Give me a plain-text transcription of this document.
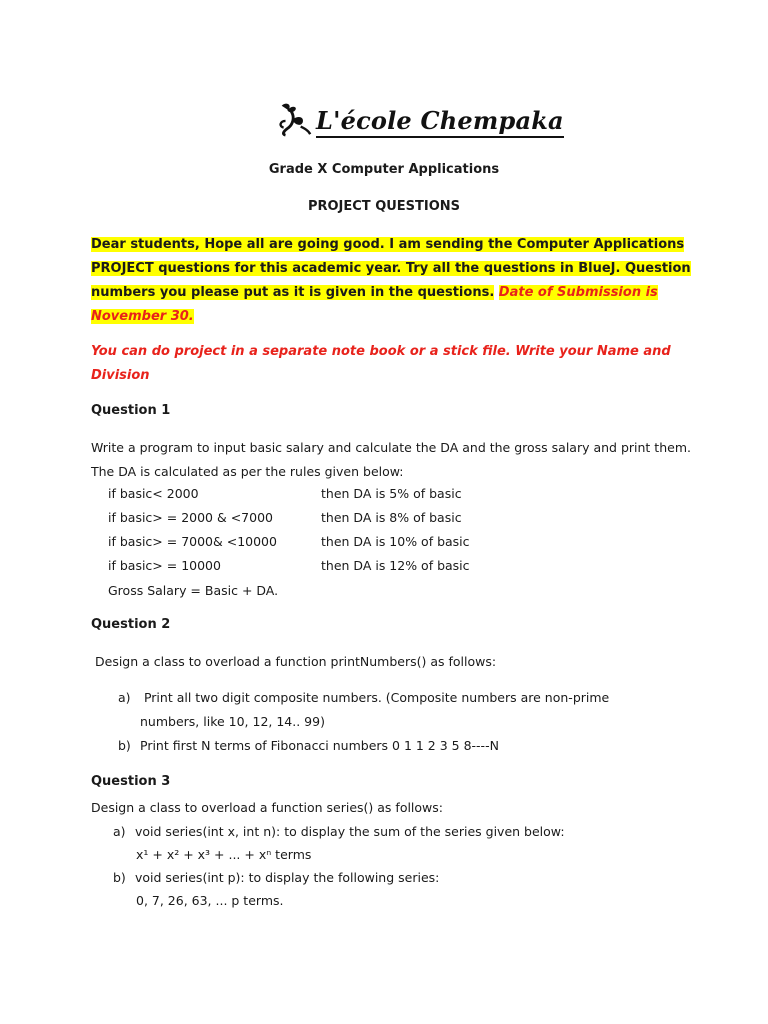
L'école Chempaka
Grade X Computer Applications
PROJECT QUESTIONS
Dear students, Hope all are going good. I am sending the Computer Applications PROJECT questions for this academic year. Try all the questions in BlueJ. Question numbers you please put as it is given in the questions. Date of Submission is November 30.
You can do project in a separate note book or a stick file. Write your Name and Division
Question 1
Write a program to input basic salary and calculate the DA and the gross salary and print them. The DA is calculated as per the rules given below:
if basic< 2000	then DA is 5% of basic
if basic> = 2000 & <7000	then DA is 8% of basic
if basic> = 7000& <10000	then DA is 10% of basic
if basic> = 10000	then DA is 12% of basic
Gross Salary = Basic + DA.
Question 2
Design a class to overload a function printNumbers() as follows:
a) Print all two digit composite numbers. (Composite numbers are non-prime
numbers, like 10, 12, 14.. 99)
b) Print first N terms of Fibonacci numbers 0 1 1 2 3 5 8----N
Question 3
Design a class to overload a function series() as follows:
a) void series(int x, int n): to display the sum of the series given below:
x¹ + x² + x³ + ... + xⁿ terms
b) void series(int p): to display the following series:
0, 7, 26, 63, ... p terms.
